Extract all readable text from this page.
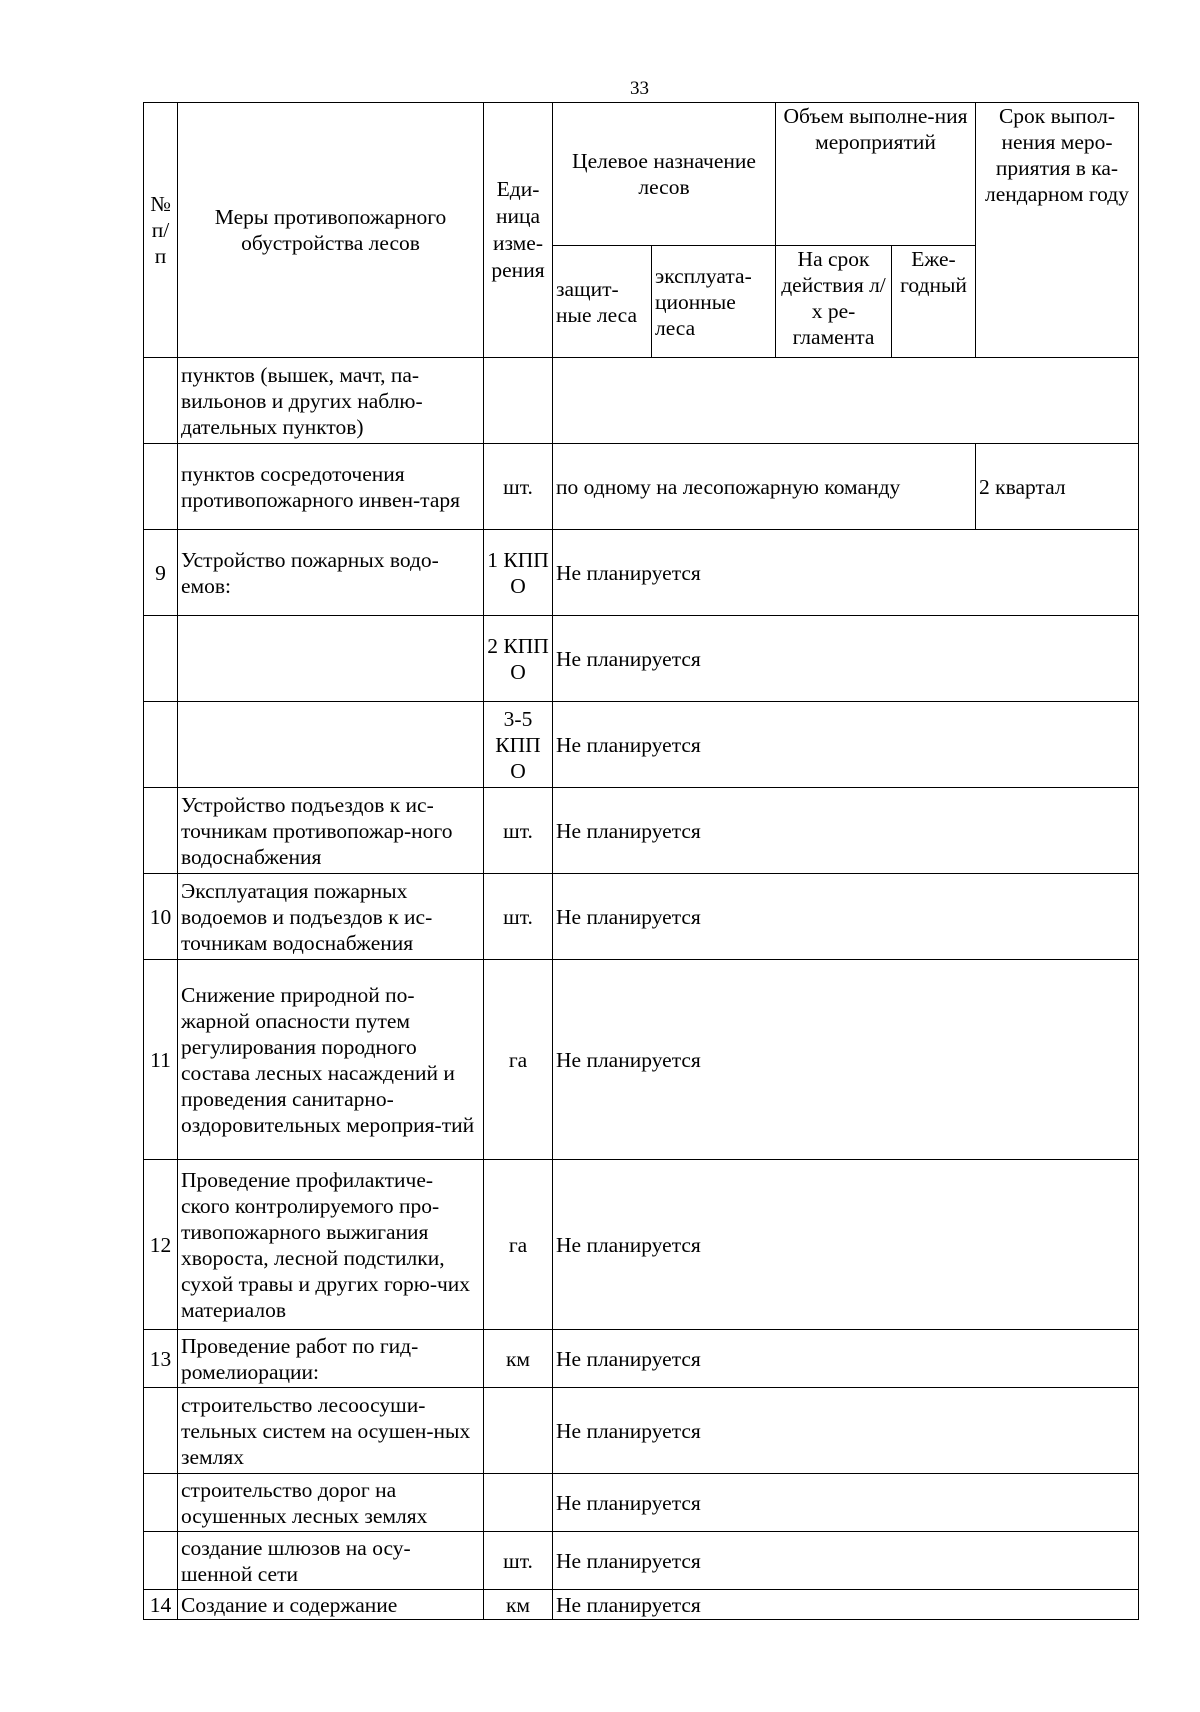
33
№ п/п	Меры противопожарного обустройства лесов	Еди-ница изме-рения	Целевое назначение лесов		Объем выполне-ния мероприятий		Срок выпол-нения меро-приятия в ка-лендарном году
			защит-ные леса	эксплуата-ционные леса	На срок действия л/х ре-гламента	Еже-годный	
	пунктов (вышек, мачт, па-вильонов и других наблю-дательных пунктов)						
	пунктов сосредоточения противопожарного инвен-таря	шт.	по одному на лесопожарную команду				2 квартал
9	Устройство пожарных водо-емов:	1 КПП О	Не планируется				
		2 КПП О	Не планируется				
		3-5 КПП О	Не планируется				
	Устройство подъездов к ис-точникам противопожар-ного водоснабжения	шт.	Не планируется				
10	Эксплуатация пожарных водоемов и подъездов к ис-точникам водоснабжения	шт.	Не планируется				
11	Снижение природной по-жарной опасности путем регулирования породного состава лесных насаждений и проведения санитарно-оздоровительных мероприя-тий	га	Не планируется				
12	Проведение профилактиче-ского контролируемого про-тивопожарного выжигания хвороста, лесной подстилки, сухой травы и других горю-чих материалов	га	Не планируется				
13	Проведение работ по гид-ромелиорации:	км	Не планируется				
	строительство лесоосуши-тельных систем на осушен-ных землях		Не планируется				
	строительство дорог на осушенных лесных землях		Не планируется				
	создание шлюзов на осу-шенной сети	шт.	Не планируется				
14	Создание и содержание	км	Не планируется				
